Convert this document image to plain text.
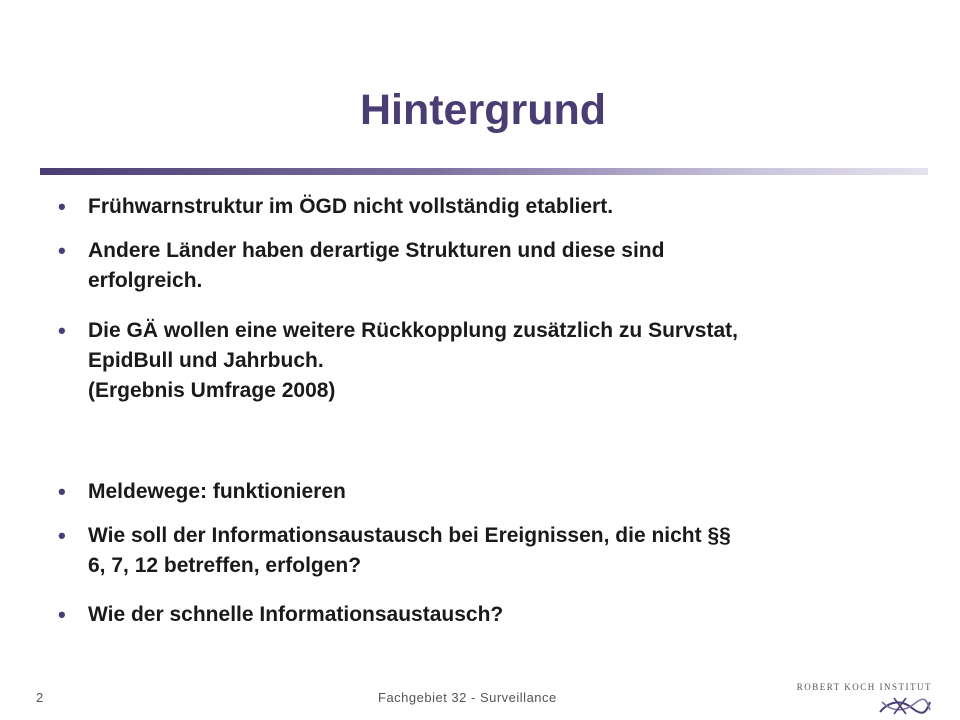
Hintergrund
• Frühwarnstruktur im ÖGD nicht vollständig etabliert.
• Andere Länder haben derartige Strukturen und diese sind
erfolgreich.
• Die GÄ wollen eine weitere Rückkopplung zusätzlich zu Survstat,
EpidBull und Jahrbuch.
(Ergebnis Umfrage 2008)
• Meldewege: funktionieren
• Wie soll der Informationsaustausch bei Ereignissen, die nicht §§
6, 7, 12 betreffen, erfolgen?
• Wie der schnelle Informationsaustausch?
2	Fachgebiet 32 - Surveillance
ROBERT KOCH INSTITUT
